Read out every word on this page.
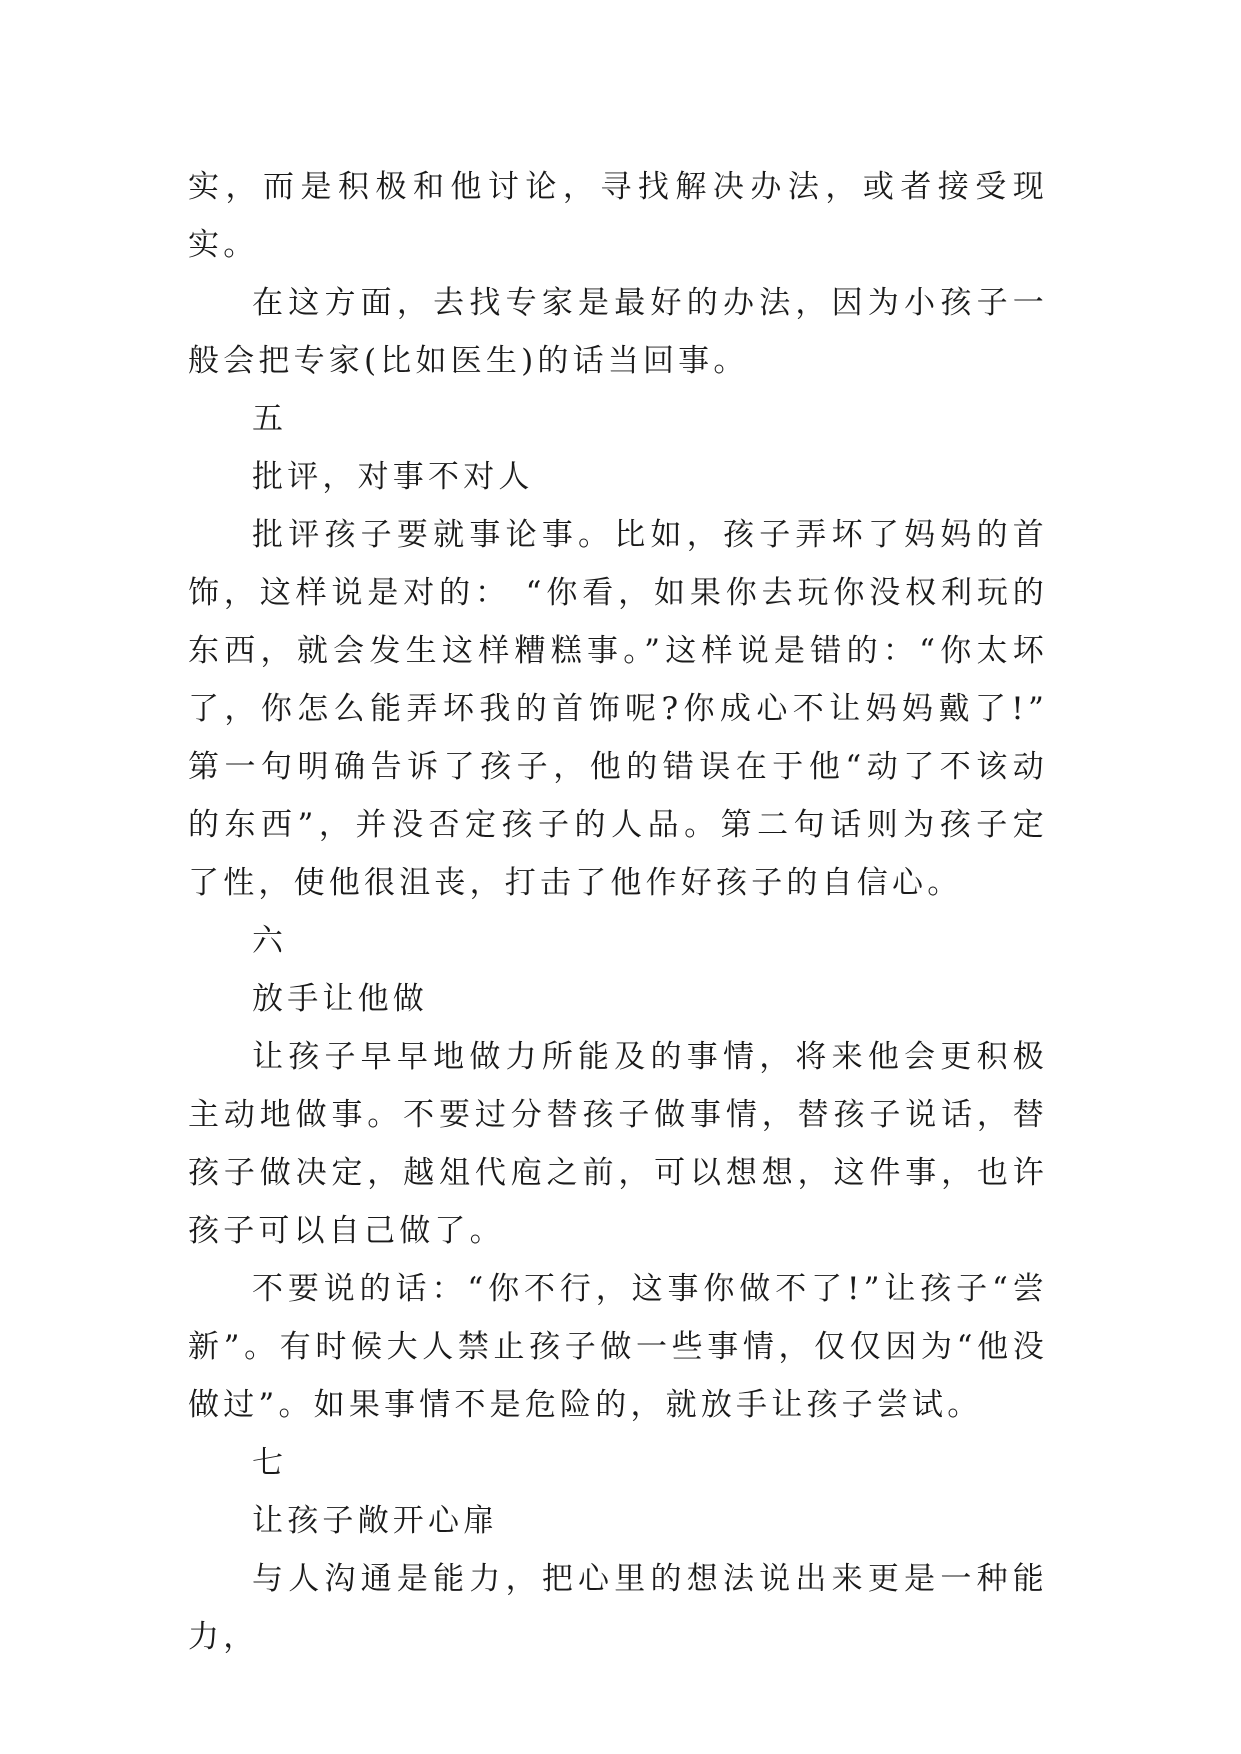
实，而是积极和他讨论，寻找解决办法，或者接受现实。

在这方面，去找专家是最好的办法，因为小孩子一般会把专家(比如医生)的话当回事。

五

批评，对事不对人

批评孩子要就事论事。比如，孩子弄坏了妈妈的首饰，这样说是对的： “你看，如果你去玩你没权利玩的东西，就会发生这样糟糕事。”这样说是错的：“你太坏了，你怎么能弄坏我的首饰呢?你成心不让妈妈戴了!” 第一句明确告诉了孩子，他的错误在于他“动了不该动的东西”，并没否定孩子的人品。第二句话则为孩子定了性，使他很沮丧，打击了他作好孩子的自信心。

六

放手让他做

让孩子早早地做力所能及的事情，将来他会更积极主动地做事。不要过分替孩子做事情，替孩子说话，替孩子做决定，越俎代庖之前，可以想想，这件事，也许孩子可以自己做了。

不要说的话：“你不行，这事你做不了!”让孩子“尝新”。有时候大人禁止孩子做一些事情，仅仅因为“他没做过”。如果事情不是危险的，就放手让孩子尝试。

七

让孩子敞开心扉

与人沟通是能力，把心里的想法说出来更是一种能力，
